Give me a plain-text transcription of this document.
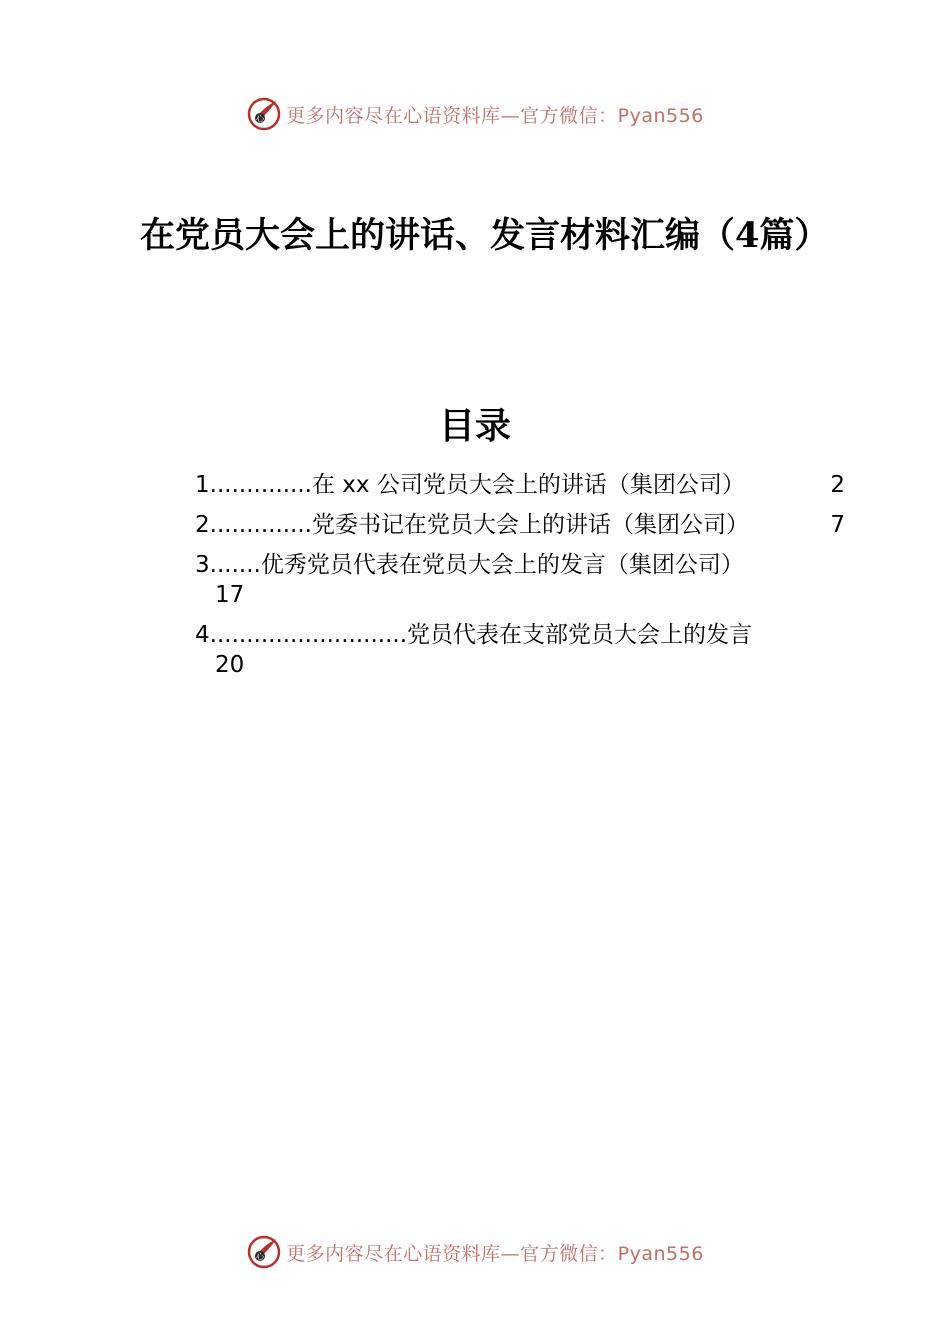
心 更多内容尽在心语资料库—官方微信：Pyan556
在党员大会上的讲话、发言材料汇编（4篇）
目录
1 .............. 在 xx 公司党员大会上的讲话（集团公司）	2
2 .............. 党委书记在党员大会上的讲话（集团公司）	7
3 ....... 优秀党员代表在党员大会上的发言（集团公司）
17
4 ........................... 党员代表在支部党员大会上的发言
20
心 更多内容尽在心语资料库—官方微信：Pyan556
